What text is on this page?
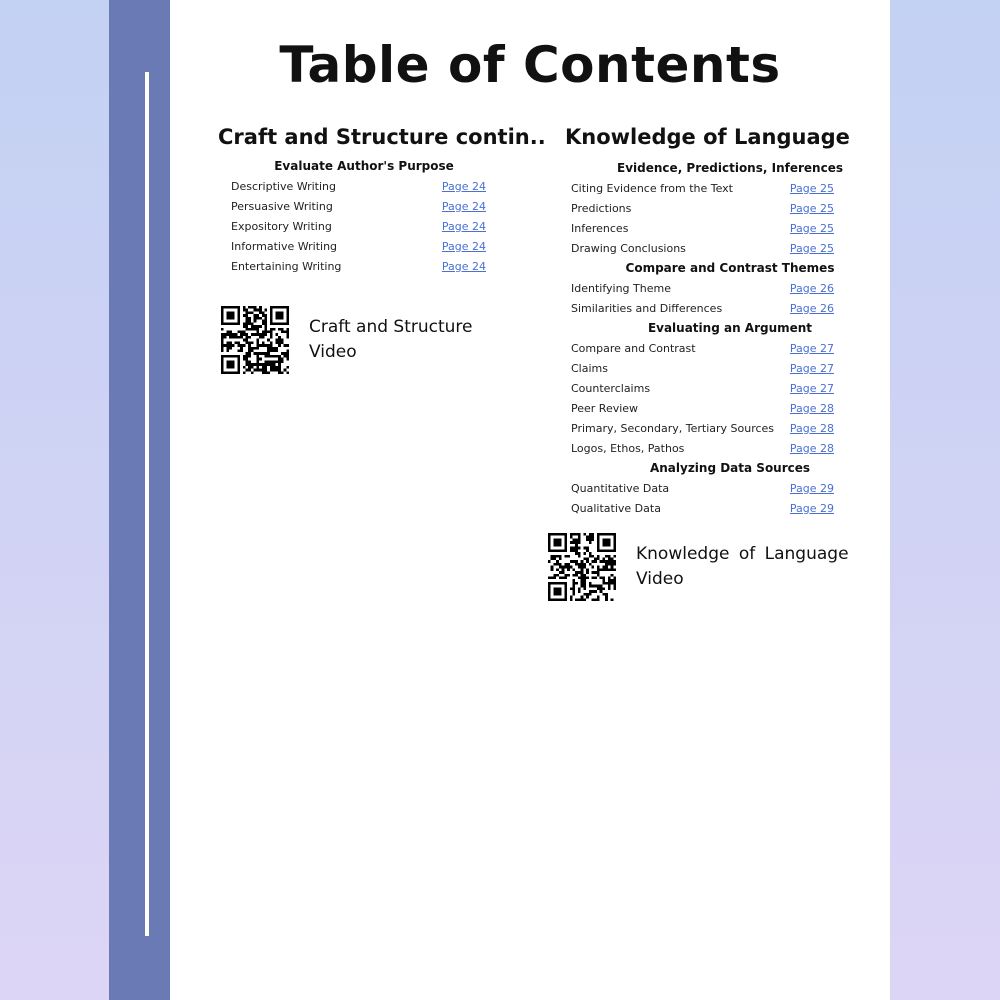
Table of Contents
Craft and Structure contin..
Evaluate Author's Purpose
Descriptive Writing	Page 24
Persuasive Writing	Page 24
Expository Writing	Page 24
Informative Writing	Page 24
Entertaining Writing	Page 24
Craft and Structure
Video
Knowledge of Language
Evidence, Predictions, Inferences
Citing Evidence from the Text	Page 25
Predictions	Page 25
Inferences	Page 25
Drawing Conclusions	Page 25
Compare and Contrast Themes
Identifying Theme	Page 26
Similarities and Differences	Page 26
Evaluating an Argument
Compare and Contrast	Page 27
Claims	Page 27
Counterclaims	Page 27
Peer Review	Page 28
Primary, Secondary, Tertiary Sources Page 28
Logos, Ethos, Pathos	Page 28
Analyzing Data Sources
Quantitative Data	Page 29
Qualitative Data	Page 29
Knowledge of Language
Video
